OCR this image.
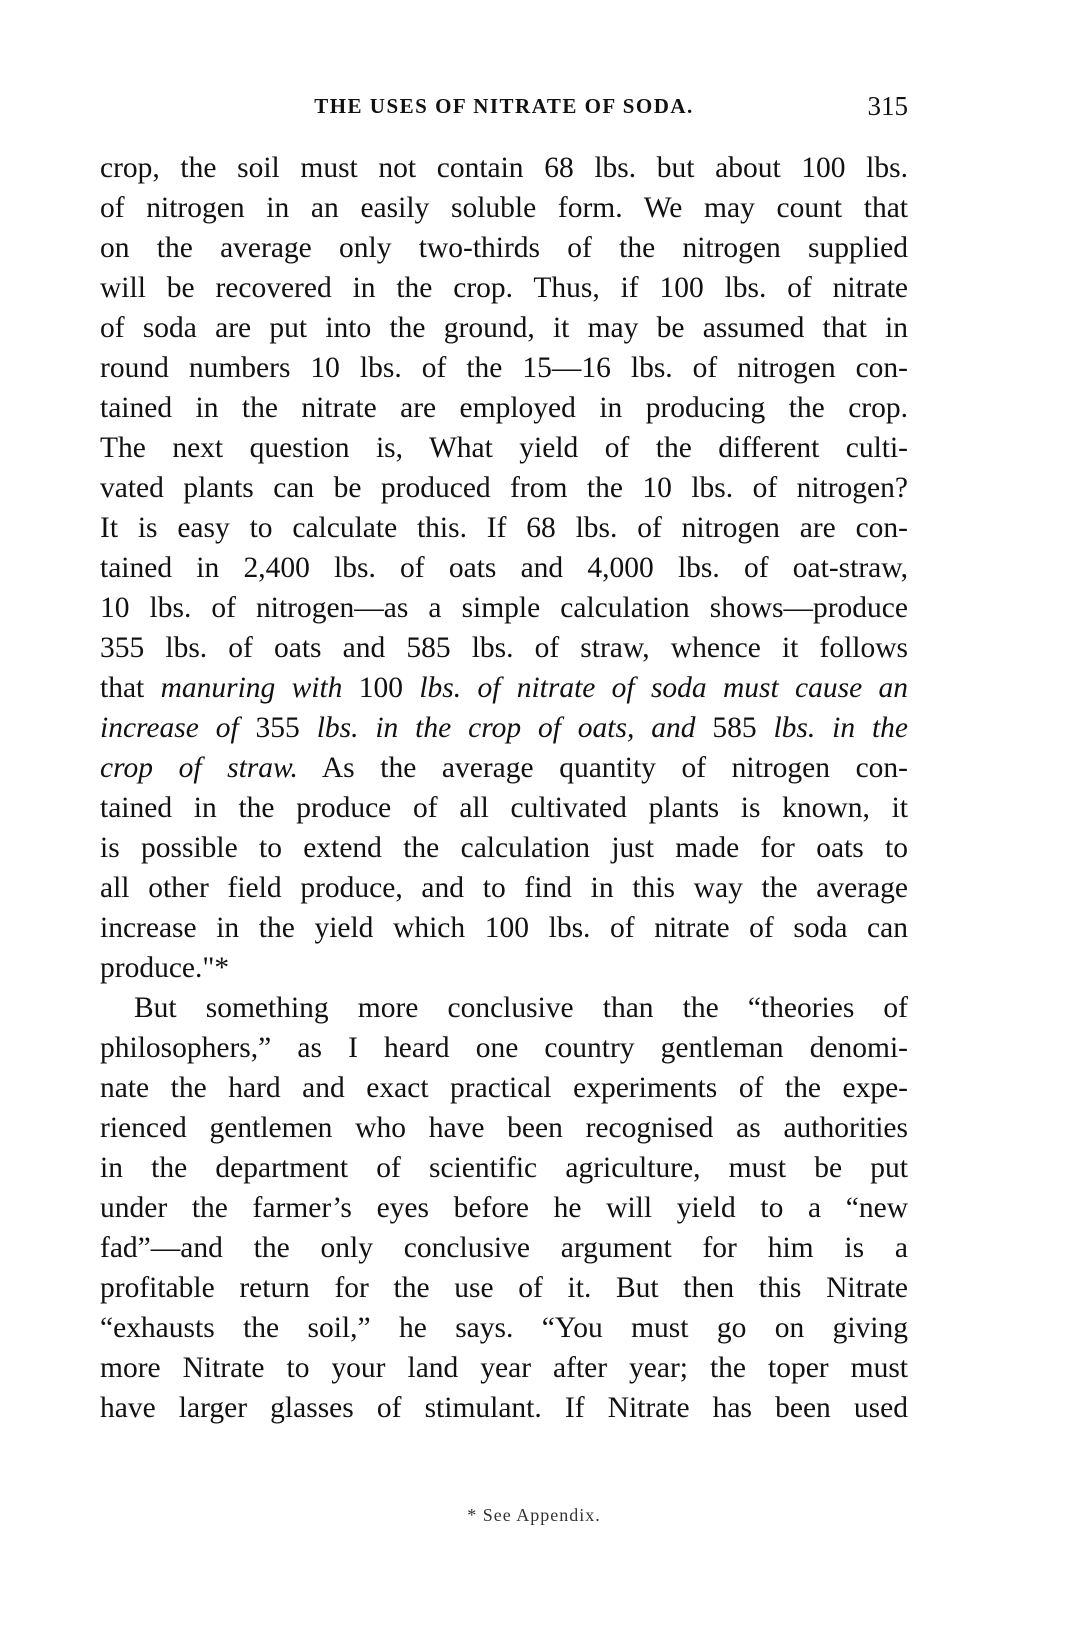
THE USES OF NITRATE OF SODA.	315
crop, the soil must not contain 68 lbs. but about 100 lbs.
of nitrogen in an easily soluble form. We may count that
on the average only two-thirds of the nitrogen supplied
will be recovered in the crop. Thus, if 100 lbs. of nitrate
of soda are put into the ground, it may be assumed that in
round numbers 10 lbs. of the 15—16 lbs. of nitrogen con-
tained in the nitrate are employed in producing the crop.
The next question is, What yield of the different culti-
vated plants can be produced from the 10 lbs. of nitrogen?
It is easy to calculate this. If 68 lbs. of nitrogen are con-
tained in 2,400 lbs. of oats and 4,000 lbs. of oat-straw,
10 lbs. of nitrogen—as a simple calculation shows—produce
355 lbs. of oats and 585 lbs. of straw, whence it follows
that manuring with 100 lbs. of nitrate of soda must cause an
increase of 355 lbs. in the crop of oats, and 585 lbs. in the
crop of straw. As the average quantity of nitrogen con-
tained in the produce of all cultivated plants is known, it
is possible to extend the calculation just made for oats to
all other field produce, and to find in this way the average
increase in the yield which 100 lbs. of nitrate of soda can
produce."*
But something more conclusive than the “theories of
philosophers,” as I heard one country gentleman denomi-
nate the hard and exact practical experiments of the expe-
rienced gentlemen who have been recognised as authorities
in the department of scientific agriculture, must be put
under the farmer’s eyes before he will yield to a “new
fad”—and the only conclusive argument for him is a
profitable return for the use of it. But then this Nitrate
“exhausts the soil,” he says. “You must go on giving
more Nitrate to your land year after year; the toper must
have larger glasses of stimulant. If Nitrate has been used
* See Appendix.
